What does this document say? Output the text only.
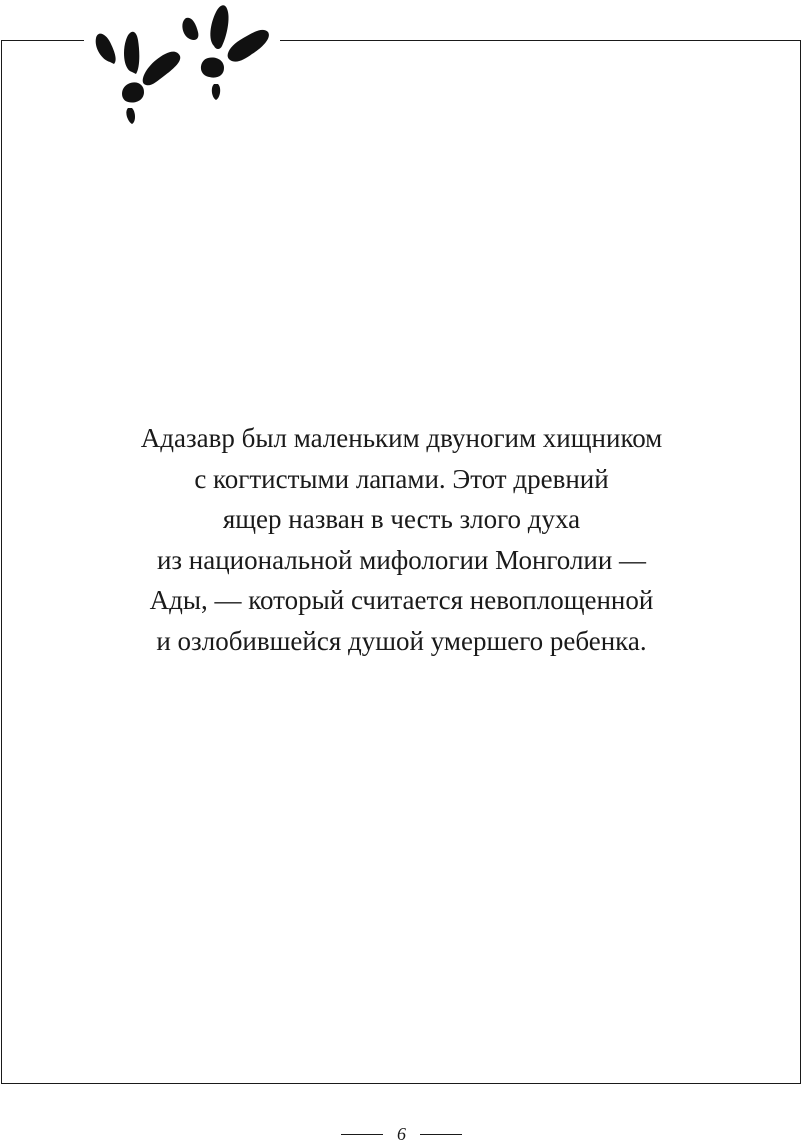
Адазавр был маленьким двуногим хищником
с когтистыми лапами. Этот древний
ящер назван в честь злого духа
из национальной мифологии Монголии —
Ады, — который считается невоплощенной
и озлобившейся душой умершего ребенка.

6
